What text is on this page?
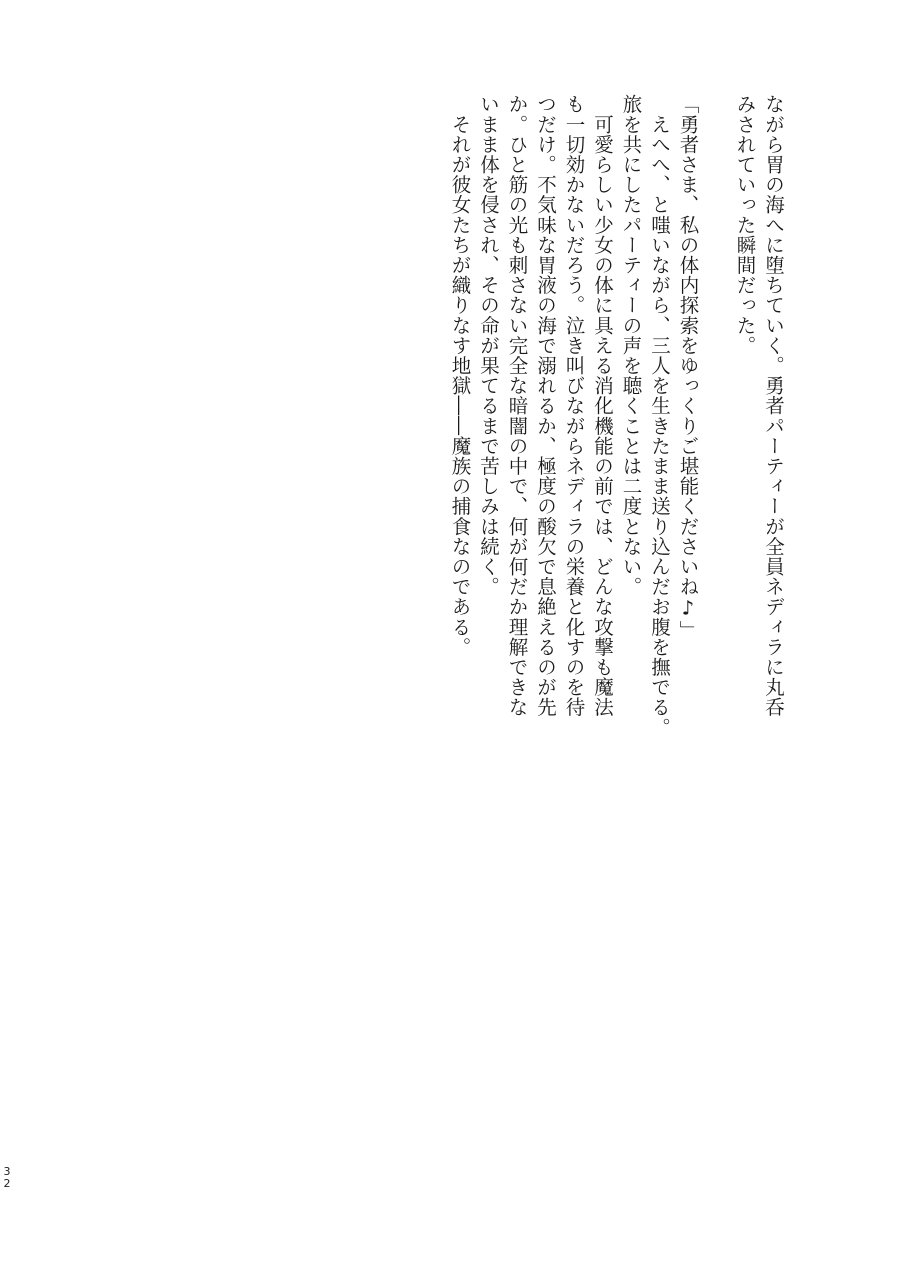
ながら胃の海へに堕ちていく。勇者パーティーが全員ネディラに丸呑
みされていった瞬間だった。
「勇者さま、私の体内探索をゆっくりご堪能くださいね♪」
　えへへ、と嗤いながら、三人を生きたまま送り込んだお腹を撫でる。
旅を共にしたパーティーの声を聴くことは二度とない。
　可愛らしい少女の体に具える消化機能の前では、どんな攻撃も魔法
も一切効かないだろう。泣き叫びながらネディラの栄養と化すのを待
つだけ。不気味な胃液の海で溺れるか、極度の酸欠で息絶えるのが先
か。ひと筋の光も刺さない完全な暗闇の中で、何が何だか理解できな
いまま体を侵され、その命が果てるまで苦しみは続く。
　それが彼女たちが織りなす地獄――魔族の捕食なのである。
32
